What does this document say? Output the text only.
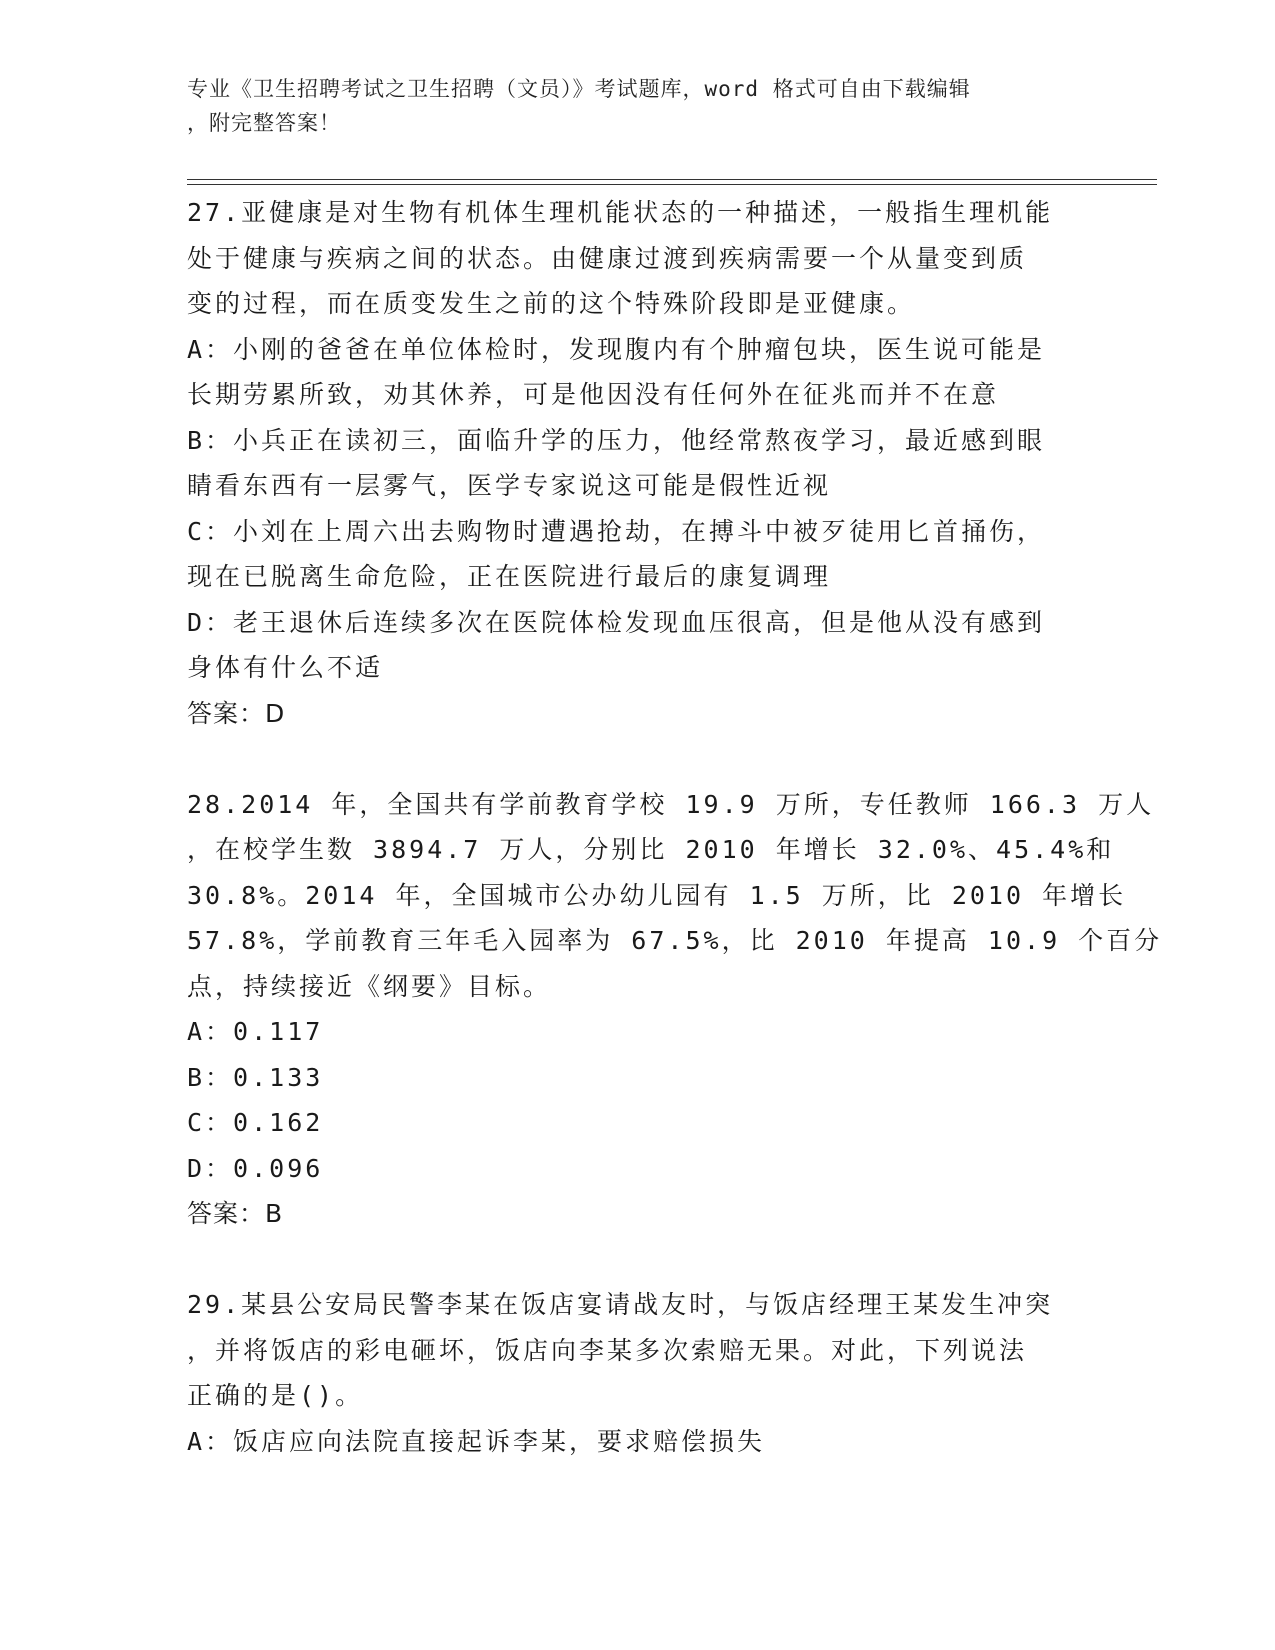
专业《卫生招聘考试之卫生招聘（文员）》考试题库，word 格式可自由下载编辑
，附完整答案！
27.亚健康是对生物有机体生理机能状态的一种描述，一般指生理机能
处于健康与疾病之间的状态。由健康过渡到疾病需要一个从量变到质
变的过程，而在质变发生之前的这个特殊阶段即是亚健康。
A：小刚的爸爸在单位体检时，发现腹内有个肿瘤包块，医生说可能是
长期劳累所致，劝其休养，可是他因没有任何外在征兆而并不在意
B：小兵正在读初三，面临升学的压力，他经常熬夜学习，最近感到眼
睛看东西有一层雾气，医学专家说这可能是假性近视
C：小刘在上周六出去购物时遭遇抢劫，在搏斗中被歹徒用匕首捅伤，
现在已脱离生命危险，正在医院进行最后的康复调理
D：老王退休后连续多次在医院体检发现血压很高，但是他从没有感到
身体有什么不适
答案：D
28.2014 年，全国共有学前教育学校 19.9 万所，专任教师 166.3 万人
，在校学生数 3894.7 万人，分别比 2010 年增长 32.0%、45.4%和
30.8%。2014 年，全国城市公办幼儿园有 1.5 万所，比 2010 年增长
57.8%，学前教育三年毛入园率为 67.5%，比 2010 年提高 10.9 个百分
点，持续接近《纲要》目标。
A：0.117
B：0.133
C：0.162
D：0.096
答案：B
29.某县公安局民警李某在饭店宴请战友时，与饭店经理王某发生冲突
，并将饭店的彩电砸坏，饭店向李某多次索赔无果。对此，下列说法
正确的是()。
A：饭店应向法院直接起诉李某，要求赔偿损失
